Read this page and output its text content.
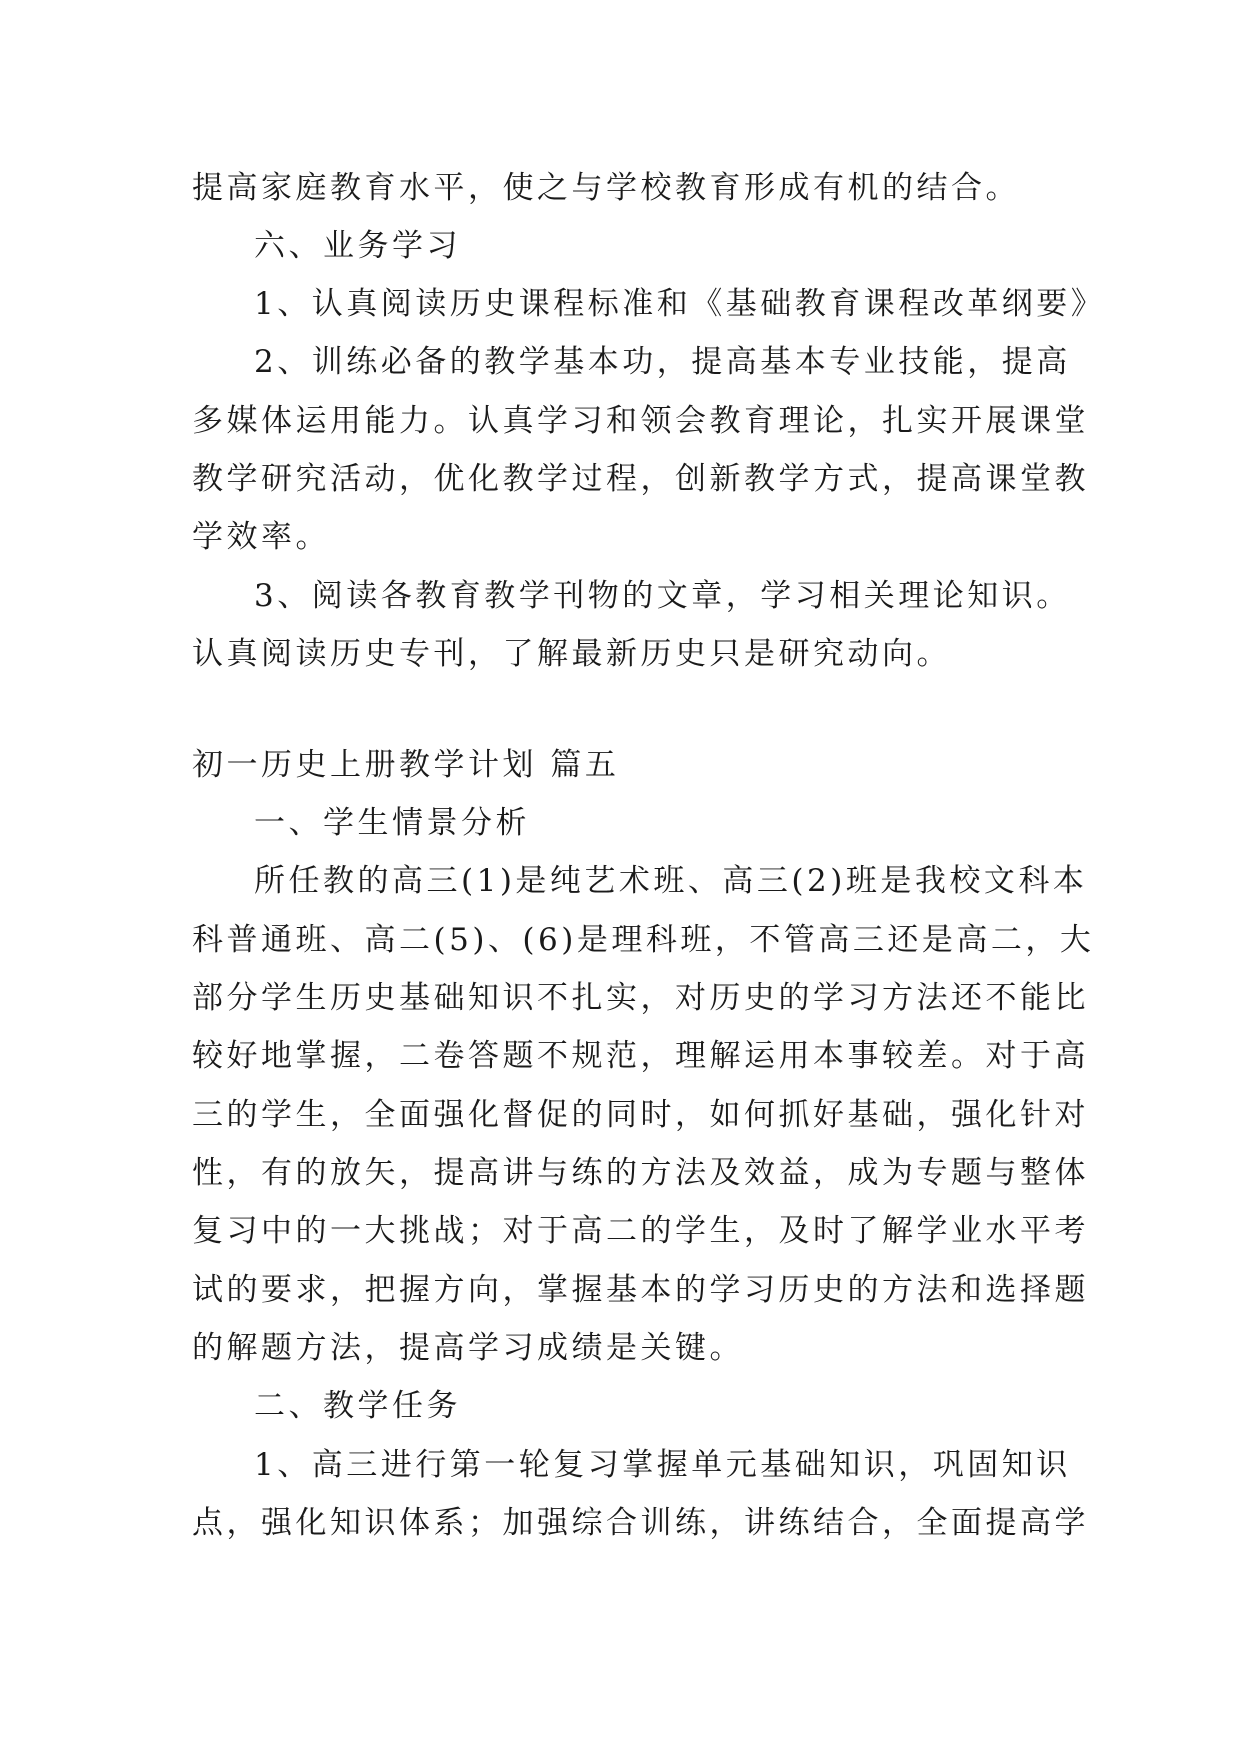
提高家庭教育水平，使之与学校教育形成有机的结合。
六、业务学习
1、认真阅读历史课程标准和《基础教育课程改革纲要》
2、训练必备的教学基本功，提高基本专业技能，提高
多媒体运用能力。认真学习和领会教育理论，扎实开展课堂
教学研究活动，优化教学过程，创新教学方式，提高课堂教
学效率。
3、阅读各教育教学刊物的文章，学习相关理论知识。
认真阅读历史专刊，了解最新历史只是研究动向。
初一历史上册教学计划 篇五
一、学生情景分析
所任教的高三(1)是纯艺术班、高三(2)班是我校文科本
科普通班、高二(5)、(6)是理科班，不管高三还是高二，大
部分学生历史基础知识不扎实，对历史的学习方法还不能比
较好地掌握，二卷答题不规范，理解运用本事较差。对于高
三的学生，全面强化督促的同时，如何抓好基础，强化针对
性，有的放矢，提高讲与练的方法及效益，成为专题与整体
复习中的一大挑战；对于高二的学生，及时了解学业水平考
试的要求，把握方向，掌握基本的学习历史的方法和选择题
的解题方法，提高学习成绩是关键。
二、教学任务
1、高三进行第一轮复习掌握单元基础知识，巩固知识
点，强化知识体系；加强综合训练，讲练结合，全面提高学
